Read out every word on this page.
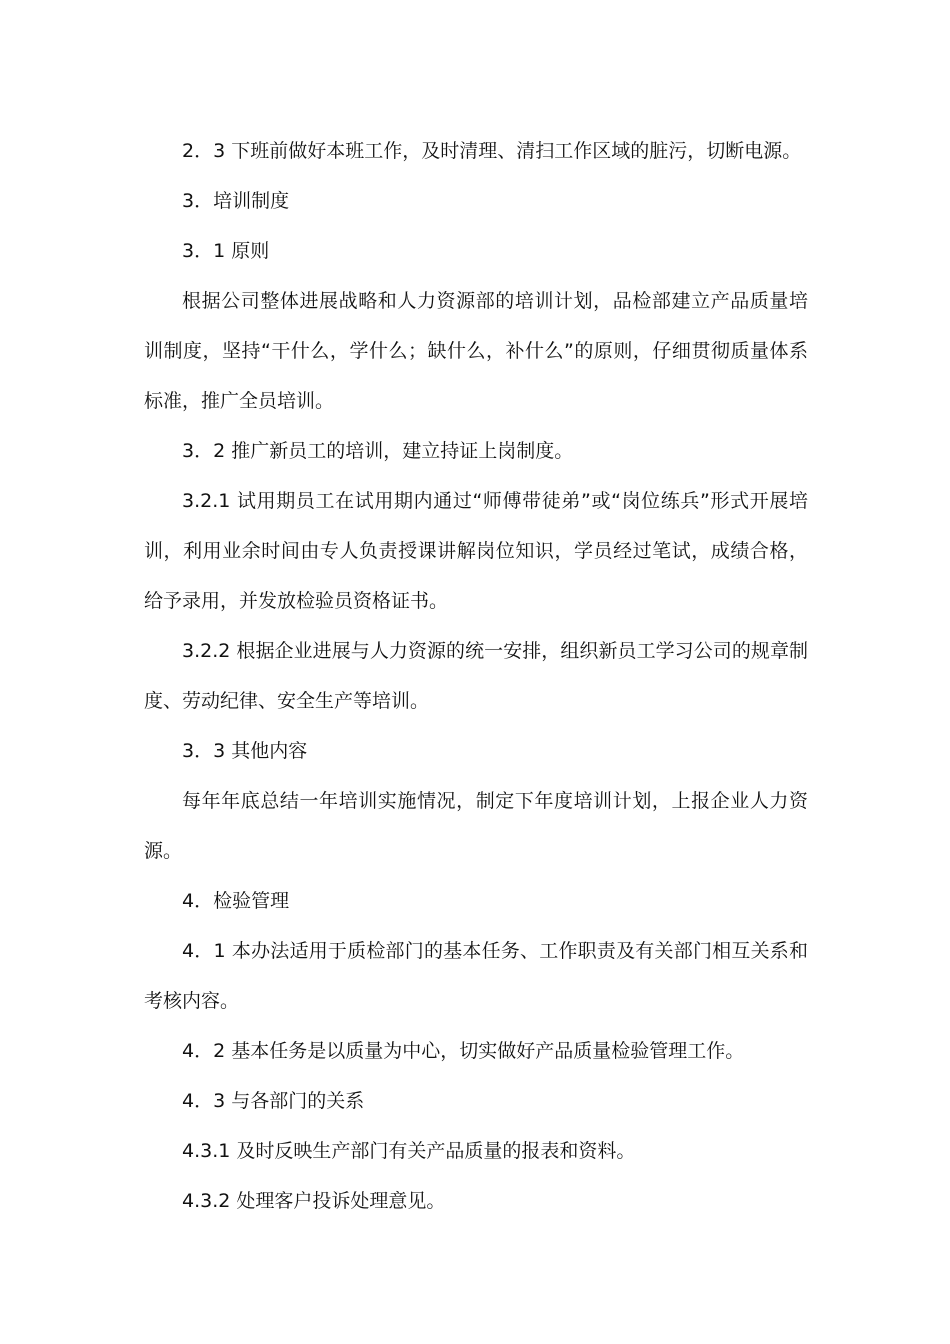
2．3 下班前做好本班工作，及时清理、清扫工作区域的脏污，切断电源。

3．培训制度

3．1 原则

根据公司整体进展战略和人力资源部的培训计划，品检部建立产品质量培训制度，坚持“干什么，学什么；缺什么，补什么”的原则，仔细贯彻质量体系标准，推广全员培训。

3．2 推广新员工的培训，建立持证上岗制度。

3.2.1 试用期员工在试用期内通过“师傅带徒弟”或“岗位练兵”形式开展培训，利用业余时间由专人负责授课讲解岗位知识，学员经过笔试，成绩合格，给予录用，并发放检验员资格证书。

3.2.2 根据企业进展与人力资源的统一安排，组织新员工学习公司的规章制度、劳动纪律、安全生产等培训。

3．3 其他内容

每年年底总结一年培训实施情况，制定下年度培训计划，上报企业人力资源。

4．检验管理

4．1 本办法适用于质检部门的基本任务、工作职责及有关部门相互关系和考核内容。

4．2 基本任务是以质量为中心，切实做好产品质量检验管理工作。

4．3 与各部门的关系

4.3.1 及时反映生产部门有关产品质量的报表和资料。

4.3.2 处理客户投诉处理意见。
